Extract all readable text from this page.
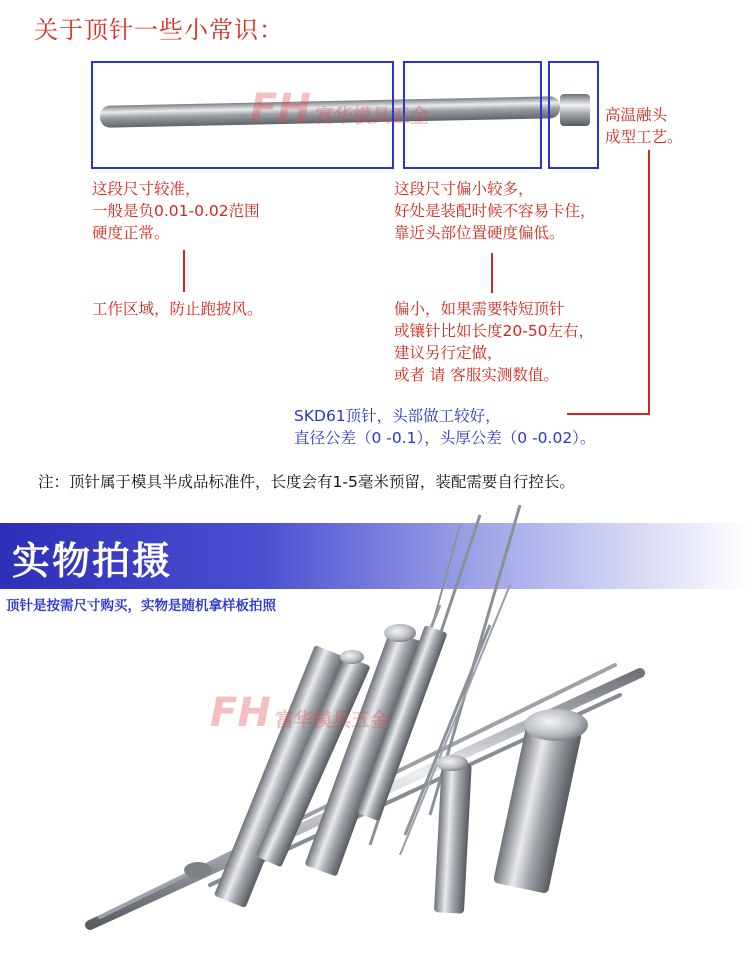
关于顶针一些小常识：
FH 富华模具五金
这段尺寸较准，
一般是负0.01-0.02范围
硬度正常。
工作区域，防止跑披风。
这段尺寸偏小较多，
好处是装配时候不容易卡住，
靠近头部位置硬度偏低。
偏小，如果需要特短顶针
或镶针比如长度20-50左右，
建议另行定做，
或者 请 客服实测数值。
高温融头
成型工艺。
SKD61顶针，头部做工较好，
直径公差（0 -0.1），头厚公差（0 -0.02）。
注：顶针属于模具半成品标准件，长度会有1-5毫米预留，装配需要自行控长。
实物拍摄
顶针是按需尺寸购买，实物是随机拿样板拍照
FH 富华模具五金
